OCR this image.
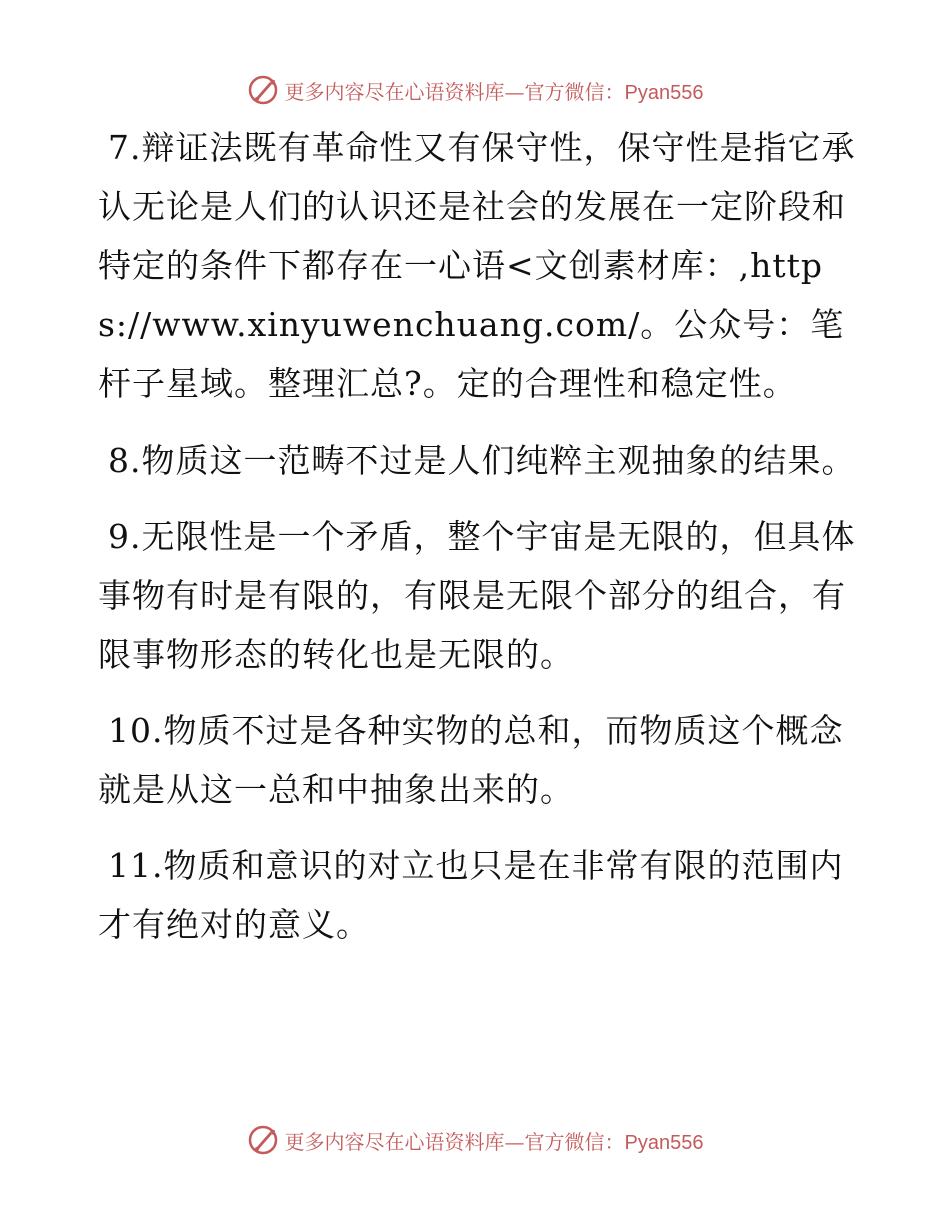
更多内容尽在心语资料库—官方微信：Pyan556

7.辩证法既有革命性又有保守性，保守性是指它承认无论是人们的认识还是社会的发展在一定阶段和特定的条件下都存在一心语<文创素材库：,https://www.xinyuwenchuang.com/。公众号：笔杆子星域。整理汇总?。定的合理性和稳定性。

8.物质这一范畴不过是人们纯粹主观抽象的结果。

9.无限性是一个矛盾，整个宇宙是无限的，但具体事物有时是有限的，有限是无限个部分的组合，有限事物形态的转化也是无限的。

10.物质不过是各种实物的总和，而物质这个概念就是从这一总和中抽象出来的。

11.物质和意识的对立也只是在非常有限的范围内才有绝对的意义。

更多内容尽在心语资料库—官方微信：Pyan556
